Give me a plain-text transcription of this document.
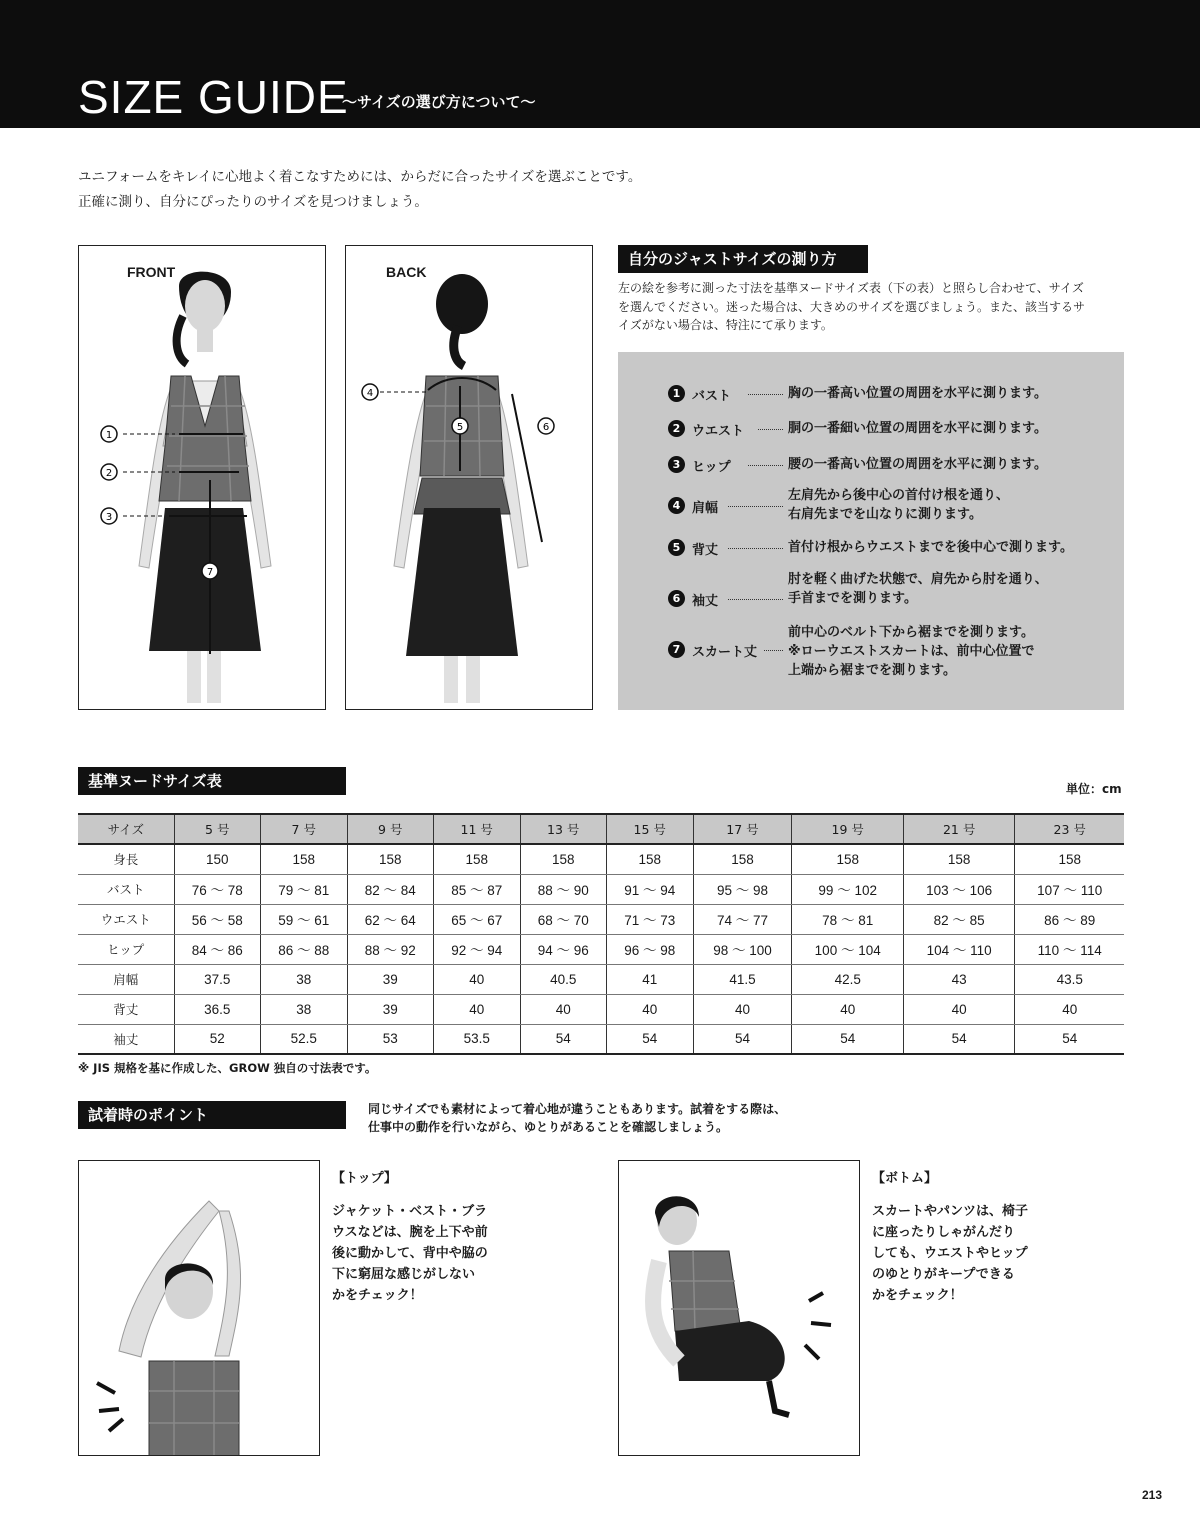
SIZE GUIDE
～サイズの選び方について～
ユニフォームをキレイに心地よく着こなすためには、からだに合ったサイズを選ぶことです。
正確に測り、自分にぴったりのサイズを見つけましょう。
FRONT
1
2
3
7
BACK
4
5	6
自分のジャストサイズの測り方
左の絵を参考に測った寸法を基準ヌードサイズ表（下の表）と照らし合わせて、サイズ
を選んでください。迷った場合は、大きめのサイズを選びましょう。また、該当するサ
イズがない場合は、特注にて承ります。
1 バスト	胸の一番高い位置の周囲を水平に測ります。
2 ウエスト	胴の一番細い位置の周囲を水平に測ります。
3 ヒップ	腰の一番高い位置の周囲を水平に測ります。
4 肩幅
左肩先から後中心の首付け根を通り、
右肩先までを山なりに測ります。
5 背丈	首付け根からウエストまでを後中心で測ります。
6 袖丈
肘を軽く曲げた状態で、肩先から肘を通り、
手首までを測ります。
7 スカート丈
前中心のベルト下から裾までを測ります。
※ローウエストスカートは、前中心位置で
上端から裾までを測ります。
基準ヌードサイズ表	単位：cm
サイズ	5 号	7 号	9 号	11 号	13 号	15 号	17 号	19 号	21 号	23 号
身長	150	158	158	158	158	158	158	158	158	158
バスト	76 ～ 78	79 ～ 81	82 ～ 84	85 ～ 87	88 ～ 90	91 ～ 94	95 ～ 98	99 ～ 102	103 ～ 106	107 ～ 110
ウエスト	56 ～ 58	59 ～ 61	62 ～ 64	65 ～ 67	68 ～ 70	71 ～ 73	74 ～ 77	78 ～ 81	82 ～ 85	86 ～ 89
ヒップ	84 ～ 86	86 ～ 88	88 ～ 92	92 ～ 94	94 ～ 96	96 ～ 98	98 ～ 100	100 ～ 104	104 ～ 110	110 ～ 114
肩幅	37.5	38	39	40	40.5	41	41.5	42.5	43	43.5
背丈	36.5	38	39	40	40	40	40	40	40	40
袖丈	52	52.5	53	53.5	54	54	54	54	54	54
※ JIS 規格を基に作成した、GROW 独自の寸法表です。
試着時のポイント	同じサイズでも素材によって着心地が違うこともあります。試着をする際は、
仕事中の動作を行いながら、ゆとりがあることを確認しましょう。
【トップ】
ジャケット・ベスト・ブラ
ウスなどは、腕を上下や前
後に動かして、背中や脇の
下に窮屈な感じがしない
かをチェック！
【ボトム】
スカートやパンツは、椅子
に座ったりしゃがんだり
しても、ウエストやヒップ
のゆとりがキープできる
かをチェック！
213
